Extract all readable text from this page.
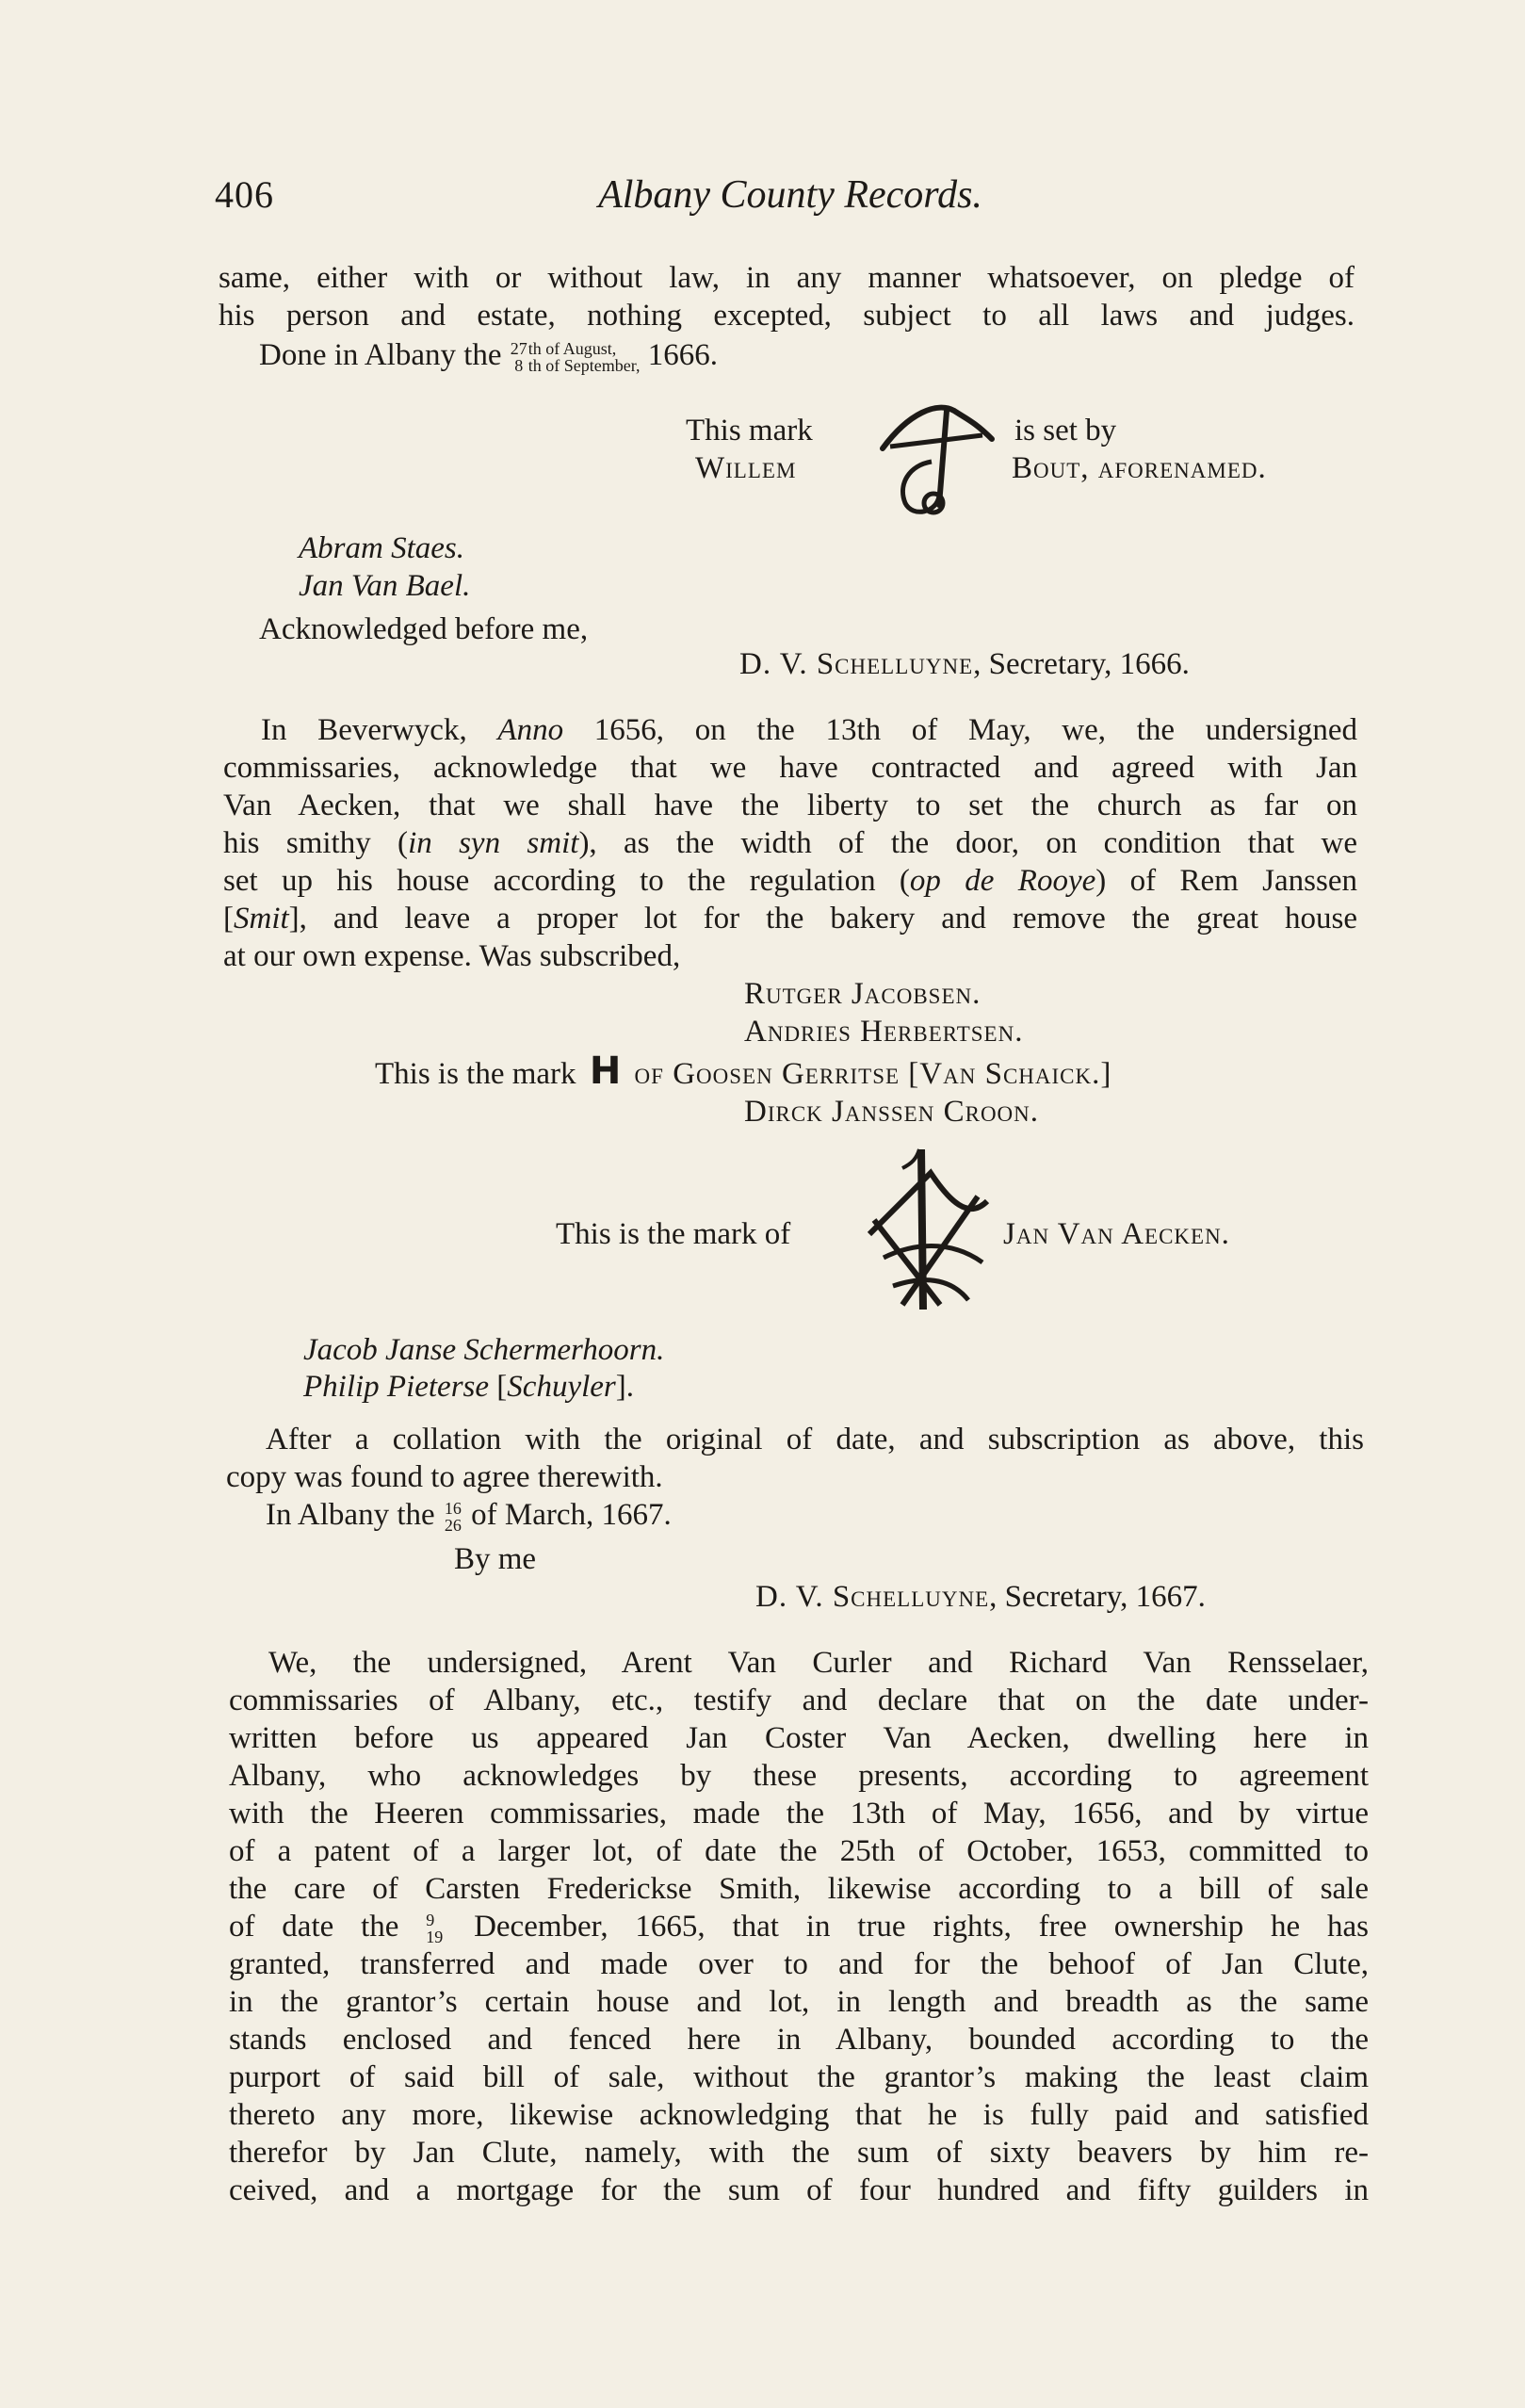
406	Albany County Records.
same, either with or without law, in any manner whatsoever, on pledge of
his person and estate, nothing excepted, subject to all laws and judges.
Done in Albany the 27
8
th of August,
th of September, 1666.
This mark
Willem
is set by
Bout, aforenamed.
Abram Staes.
Jan Van Bael.
Acknowledged before me,
D. V. Schelluyne, Secretary, 1666.
In Beverwyck, Anno 1656, on the 13th of May, we, the undersigned
commissaries, acknowledge that we have contracted and agreed with Jan
Van Aecken, that we shall have the liberty to set the church as far on
his smithy (in syn smit), as the width of the door, on condition that we
set up his house according to the regulation (op de Rooye) of Rem Janssen
[Smit], and leave a proper lot for the bakery and remove the great house
at our own expense. Was subscribed,
Rutger Jacobsen.
Andries Herbertsen.
This is the mark H of Goosen Gerritse [Van Schaick.]
Dirck Janssen Croon.
This is the mark of	Jan Van Aecken.
Jacob Janse Schermerhoorn.
Philip Pieterse [Schuyler].
After a collation with the original of date, and subscription as above, this
copy was found to agree therewith.
In Albany the 16
26 of March, 1667.
By me
D. V. Schelluyne, Secretary, 1667.
We, the undersigned, Arent Van Curler and Richard Van Rensselaer,
commissaries of Albany, etc., testify and declare that on the date under-
written before us appeared Jan Coster Van Aecken, dwelling here in
Albany, who acknowledges by these presents, according to agreement
with the Heeren commissaries, made the 13th of May, 1656, and by virtue
of a patent of a larger lot, of date the 25th of October, 1653, committed to
the care of Carsten Frederickse Smith, likewise according to a bill of sale
of date the 9
19 December, 1665, that in true rights, free ownership he has
granted, transferred and made over to and for the behoof of Jan Clute,
in the grantor’s certain house and lot, in length and breadth as the same
stands enclosed and fenced here in Albany, bounded according to the
purport of said bill of sale, without the grantor’s making the least claim
thereto any more, likewise acknowledging that he is fully paid and satisfied
therefor by Jan Clute, namely, with the sum of sixty beavers by him re-
ceived, and a mortgage for the sum of four hundred and fifty guilders in
